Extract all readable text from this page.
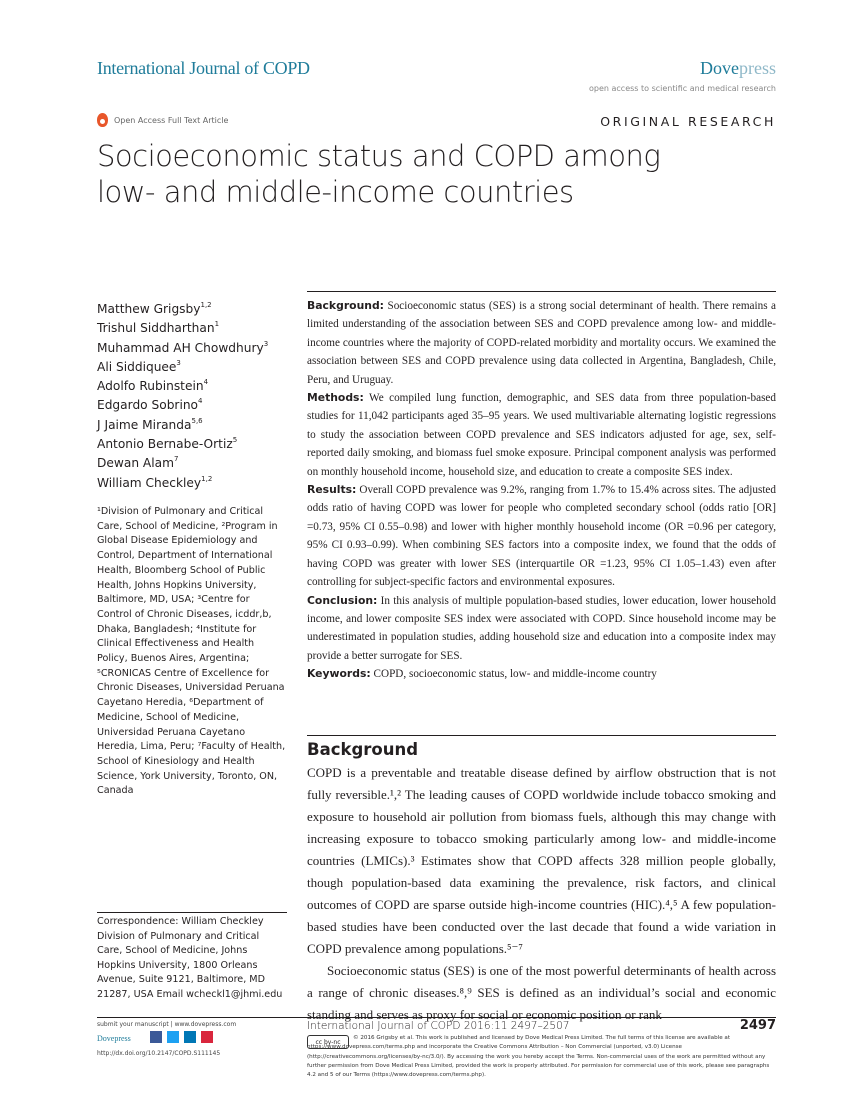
International Journal of COPD	Dovepress
open access to scientific and medical research
Open Access Full Text Article	ORIGINAL RESEARCH
Socioeconomic status and COPD among
low- and middle-income countries
Matthew Grigsby$^{1,2}$
Trishul Siddharthan$^1$
Muhammad AH Chowdhury$^3$
Ali Siddiquee$^3$
Adolfo Rubinstein$^4$
Edgardo Sobrino$^4$
J Jaime Miranda$^{5,6}$
Antonio Bernabe-Ortiz$^5$
Dewan Alam$^7$
William Checkley$^{1,2}$
¹Division of Pulmonary and Critical Care, School of Medicine, ²Program in Global Disease Epidemiology and Control, Department of International Health, Bloomberg School of Public Health, Johns Hopkins University, Baltimore, MD, USA; ³Centre for Control of Chronic Diseases, icddr,b, Dhaka, Bangladesh; ⁴Institute for Clinical Effectiveness and Health Policy, Buenos Aires, Argentina; ⁵CRONICAS Centre of Excellence for Chronic Diseases, Universidad Peruana Cayetano Heredia, ⁶Department of Medicine, School of Medicine, Universidad Peruana Cayetano Heredia, Lima, Peru; ⁷Faculty of Health, School of Kinesiology and Health Science, York University, Toronto, ON, Canada
Correspondence: William Checkley Division of Pulmonary and Critical Care, School of Medicine, Johns Hopkins University, 1800 Orleans Avenue, Suite 9121, Baltimore, MD 21287, USA Email wcheckl1@jhmi.edu
Background: Socioeconomic status (SES) is a strong social determinant of health. There remains a limited understanding of the association between SES and COPD prevalence among low- and middle-income countries where the majority of COPD-related morbidity and mortality occurs. We examined the association between SES and COPD prevalence using data collected in Argentina, Bangladesh, Chile, Peru, and Uruguay.
Methods: We compiled lung function, demographic, and SES data from three population-based studies for 11,042 participants aged 35–95 years. We used multivariable alternating logistic regressions to study the association between COPD prevalence and SES indicators adjusted for age, sex, self-reported daily smoking, and biomass fuel smoke exposure. Principal component analysis was performed on monthly household income, household size, and education to create a composite SES index.
Results: Overall COPD prevalence was 9.2%, ranging from 1.7% to 15.4% across sites. The adjusted odds ratio of having COPD was lower for people who completed secondary school (odds ratio [OR] =0.73, 95% CI 0.55–0.98) and lower with higher monthly household income (OR =0.96 per category, 95% CI 0.93–0.99). When combining SES factors into a composite index, we found that the odds of having COPD was greater with lower SES (interquartile OR =1.23, 95% CI 1.05–1.43) even after controlling for subject-specific factors and environmental exposures.
Conclusion: In this analysis of multiple population-based studies, lower education, lower household income, and lower composite SES index were associated with COPD. Since household income may be underestimated in population studies, adding household size and education into a composite index may provide a better surrogate for SES.
Keywords: COPD, socioeconomic status, low- and middle-income country
Background

COPD is a preventable and treatable disease defined by airflow obstruction that is not fully reversible.¹,² The leading causes of COPD worldwide include tobacco smoking and exposure to household air pollution from biomass fuels, although this may change with increasing exposure to tobacco smoking particularly among low- and middle-income countries (LMICs).³ Estimates show that COPD affects 328 million people globally, though population-based data examining the prevalence, risk factors, and clinical outcomes of COPD are sparse outside high-income countries (HIC).⁴,⁵ A few population-based studies have been conducted over the last decade that found a wide variation in COPD prevalence among populations.⁵⁻⁷

Socioeconomic status (SES) is one of the most powerful determinants of health across a range of chronic diseases.⁸,⁹ SES is defined as an individual’s social and economic standing and serves as proxy for social or economic position or rank

submit your manuscript | www.dovepress.com
Dovepress
http://dx.doi.org/10.2147/COPD.S111145
International Journal of COPD 2016:11 2497–2507	2497
© 2016 Grigsby et al. This work is published and licensed by Dove Medical Press Limited. The full terms of this license are available at https://www.dovepress.com/terms.php and incorporate the Creative Commons Attribution – Non Commercial (unported, v3.0) License (http://creativecommons.org/licenses/by-nc/3.0/). By accessing the work you hereby accept the Terms. Non-commercial uses of the work are permitted without any further permission from Dove Medical Press Limited, provided the work is properly attributed. For permission for commercial use of this work, please see paragraphs 4.2 and 5 of our Terms (https://www.dovepress.com/terms.php).
cc by-nc
